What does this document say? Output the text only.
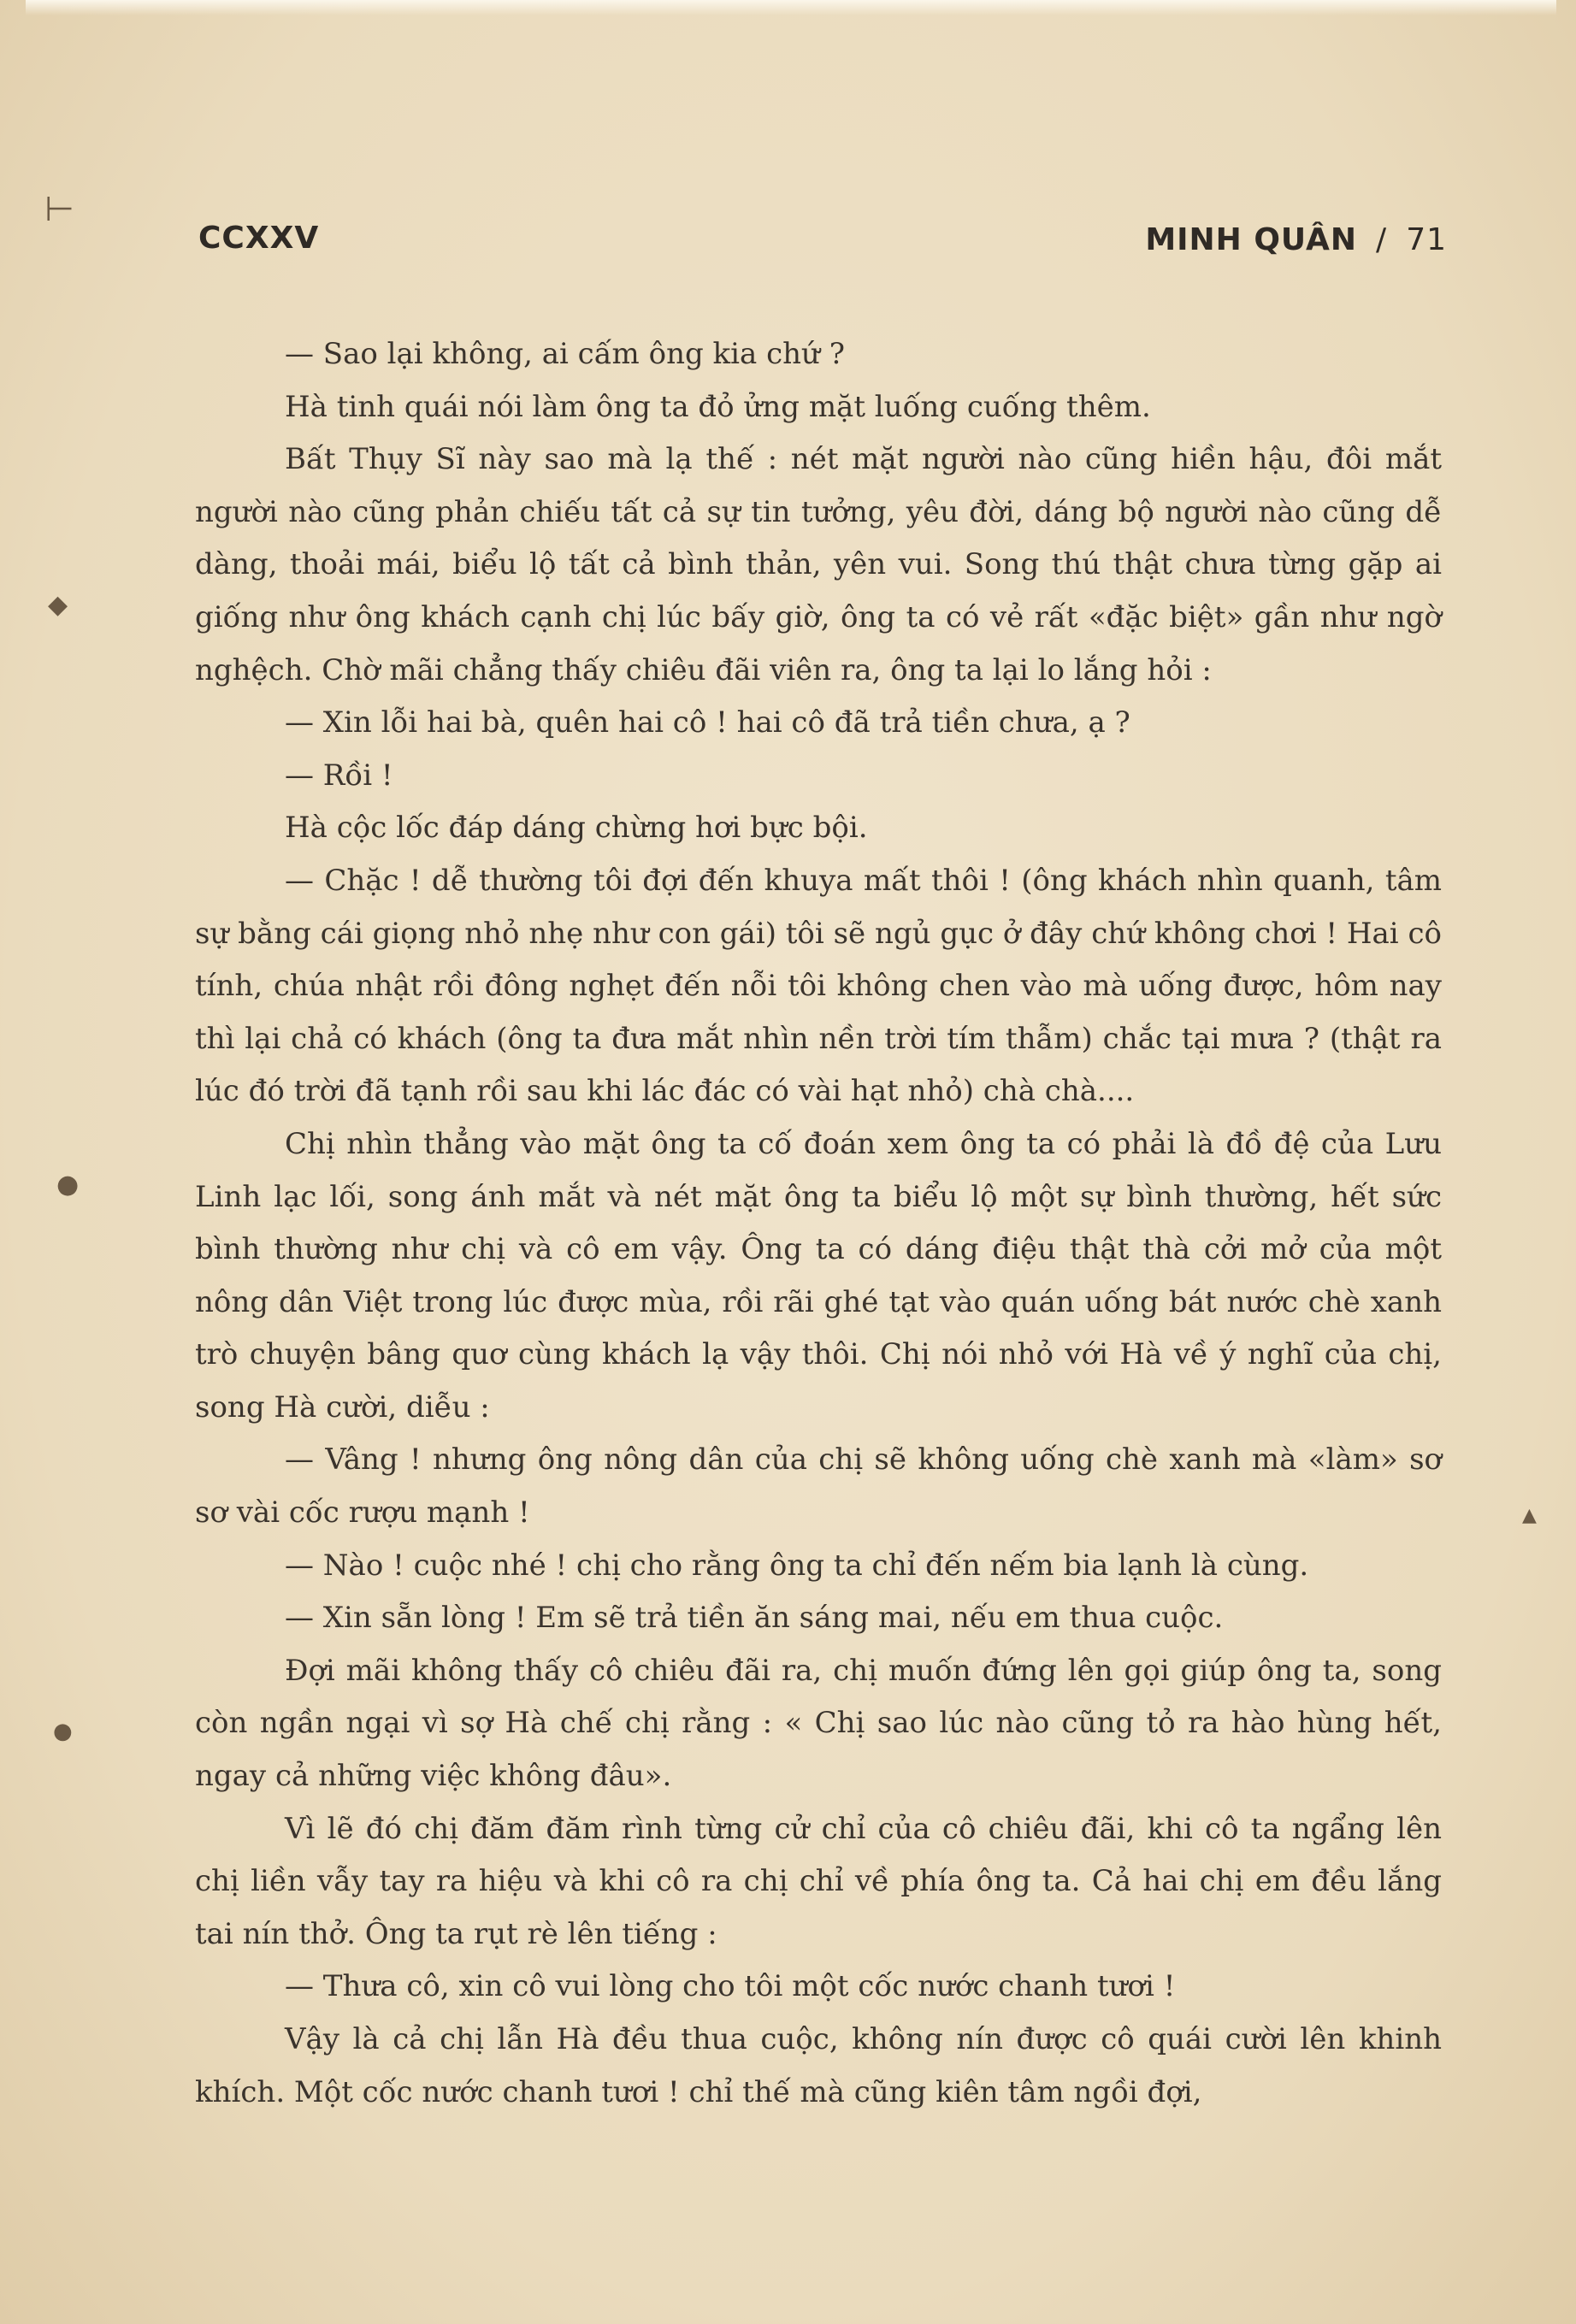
⊢
◆
●
●
▲
CCXXV	MINH QUÂN / 71

— Sao lại không, ai cấm ông kia chứ ?

Hà tinh quái nói làm ông ta đỏ ửng mặt luống cuống thêm.

Bất Thụy Sĩ này sao mà lạ thế : nét mặt người nào cũng hiền hậu, đôi mắt người nào cũng phản chiếu tất cả sự tin tưởng, yêu đời, dáng bộ người nào cũng dễ dàng, thoải mái, biểu lộ tất cả bình thản, yên vui. Song thú thật chưa từng gặp ai giống như ông khách cạnh chị lúc bấy giờ, ông ta có vẻ rất «đặc biệt» gần như ngờ nghệch. Chờ mãi chẳng thấy chiêu đãi viên ra, ông ta lại lo lắng hỏi :

— Xin lỗi hai bà, quên hai cô ! hai cô đã trả tiền chưa, ạ ?

— Rồi !

Hà cộc lốc đáp dáng chừng hơi bực bội.

— Chặc ! dễ thường tôi đợi đến khuya mất thôi ! (ông khách nhìn quanh, tâm sự bằng cái giọng nhỏ nhẹ như con gái) tôi sẽ ngủ gục ở đây chứ không chơi ! Hai cô tính, chúa nhật rồi đông nghẹt đến nỗi tôi không chen vào mà uống được, hôm nay thì lại chả có khách (ông ta đưa mắt nhìn nền trời tím thẫm) chắc tại mưa ? (thật ra lúc đó trời đã tạnh rồi sau khi lác đác có vài hạt nhỏ) chà chà....

Chị nhìn thẳng vào mặt ông ta cố đoán xem ông ta có phải là đồ đệ của Lưu Linh lạc lối, song ánh mắt và nét mặt ông ta biểu lộ một sự bình thường, hết sức bình thường như chị và cô em vậy. Ông ta có dáng điệu thật thà cởi mở của một nông dân Việt trong lúc được mùa, rồi rãi ghé tạt vào quán uống bát nước chè xanh trò chuyện bâng quơ cùng khách lạ vậy thôi. Chị nói nhỏ với Hà về ý nghĩ của chị, song Hà cười, diễu :

— Vâng ! nhưng ông nông dân của chị sẽ không uống chè xanh mà «làm» sơ sơ vài cốc rượu mạnh !

— Nào ! cuộc nhé ! chị cho rằng ông ta chỉ đến nếm bia lạnh là cùng.

— Xin sẵn lòng ! Em sẽ trả tiền ăn sáng mai, nếu em thua cuộc.

Đợi mãi không thấy cô chiêu đãi ra, chị muốn đứng lên gọi giúp ông ta, song còn ngần ngại vì sợ Hà chế chị rằng : « Chị sao lúc nào cũng tỏ ra hào hùng hết, ngay cả những việc không đâu».

Vì lẽ đó chị đăm đăm rình từng cử chỉ của cô chiêu đãi, khi cô ta ngẩng lên chị liền vẫy tay ra hiệu và khi cô ra chị chỉ về phía ông ta. Cả hai chị em đều lắng tai nín thở. Ông ta rụt rè lên tiếng :

— Thưa cô, xin cô vui lòng cho tôi một cốc nước chanh tươi !

Vậy là cả chị lẫn Hà đều thua cuộc, không nín được cô quái cười lên khinh khích. Một cốc nước chanh tươi ! chỉ thế mà cũng kiên tâm ngồi đợi,
